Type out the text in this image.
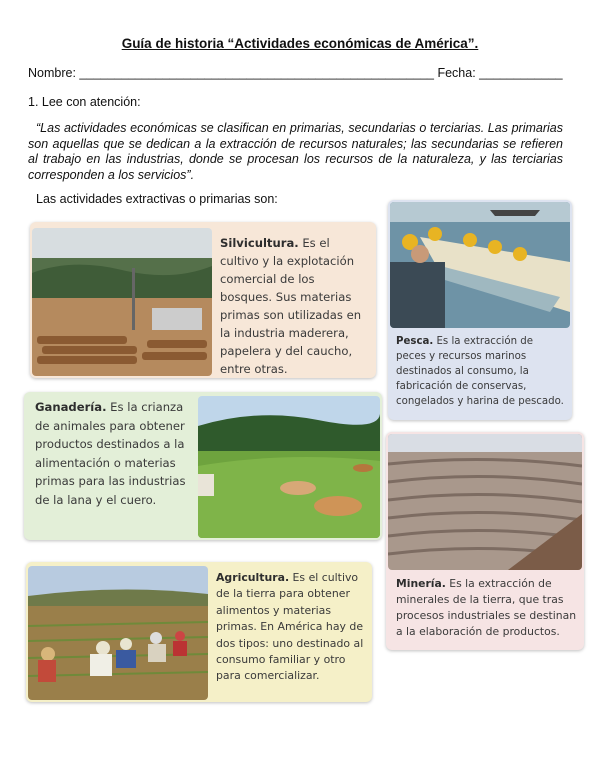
Guía de historia “Actividades económicas de América”.
Nombre: ___________________________________________________ Fecha: ____________
1. Lee con atención:
“Las actividades económicas se clasifican en primarias, secundarias o terciarias. Las primarias son aquellas que se dedican a la extracción de recursos naturales; las secundarias se refieren al trabajo en las industrias, donde se procesan los recursos de la naturaleza, y las terciarias corresponden a los servicios”.
Las actividades extractivas o primarias son:
Silvicultura. Es el cultivo y la explotación comercial de los bosques. Sus materias primas son utilizadas en la industria maderera, papelera y del caucho, entre otras.
Pesca. Es la extracción de peces y recursos marinos destinados al consumo, la fabricación de conservas, congelados y harina de pescado.
Ganadería. Es la crianza de animales para obtener productos destinados a la alimentación o materias primas para las industrias de la lana y el cuero.
Minería. Es la extracción de minerales de la tierra, que tras procesos industriales se destinan a la elaboración de productos.
Agricultura. Es el cultivo de la tierra para obtener alimentos y materias primas. En América hay de dos tipos: uno destinado al consumo familiar y otro para comercializar.
